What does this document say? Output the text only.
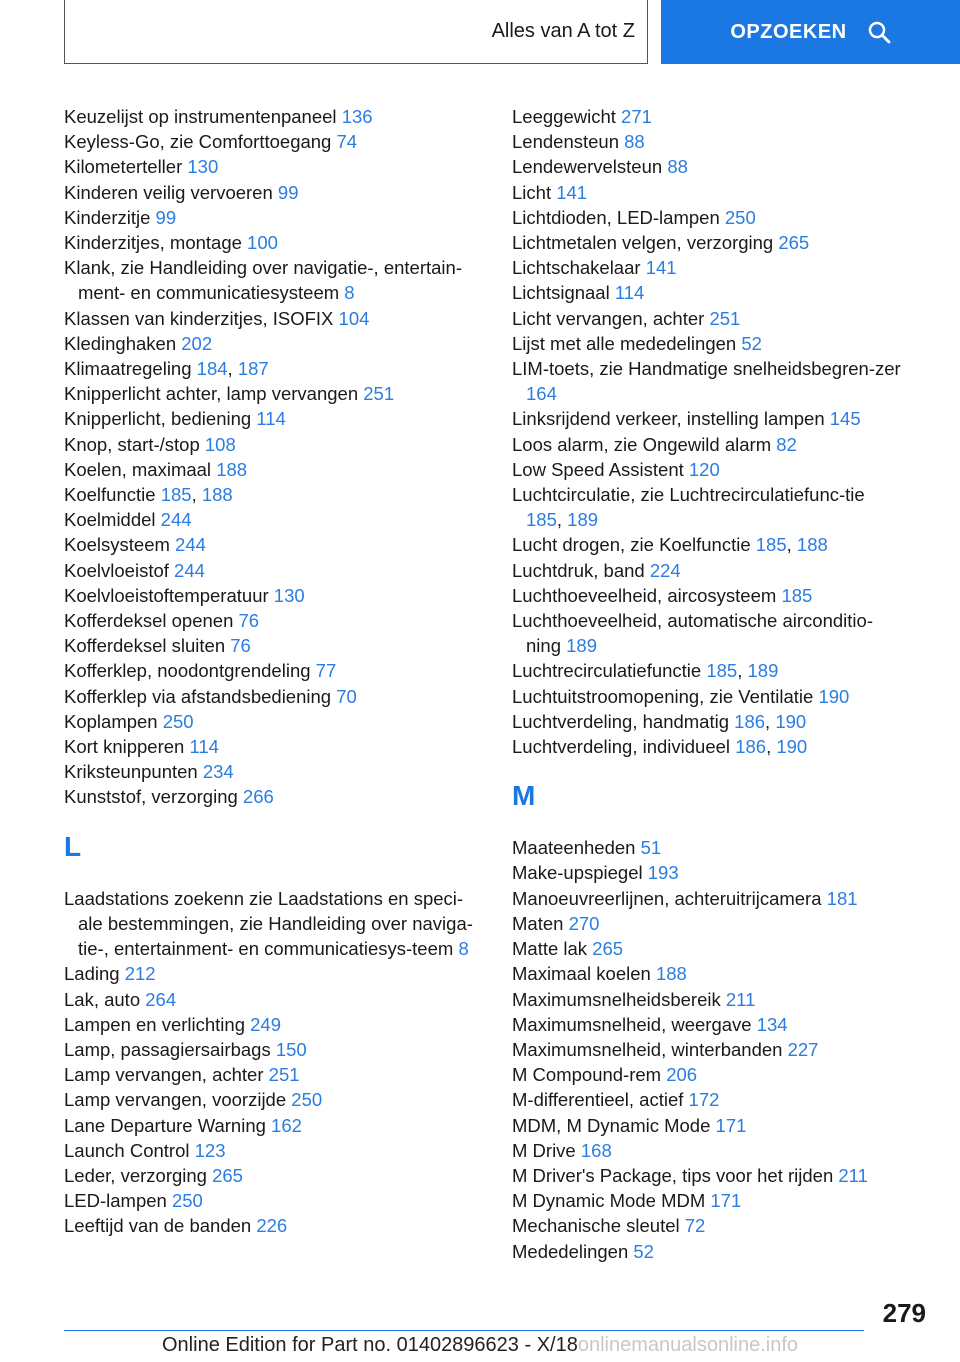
Alles van A tot Z	OPZOEKEN
Keuzelijst op instrumentenpaneel 136
Keyless-Go, zie Comforttoegang 74
Kilometerteller 130
Kinderen veilig vervoeren 99
Kinderzitje 99
Kinderzitjes, montage 100
Klank, zie Handleiding over navigatie-, entertain-ment- en communicatiesysteem 8
Klassen van kinderzitjes, ISOFIX 104
Kledinghaken 202
Klimaatregeling 184, 187
Knipperlicht achter, lamp vervangen 251
Knipperlicht, bediening 114
Knop, start-/stop 108
Koelen, maximaal 188
Koelfunctie 185, 188
Koelmiddel 244
Koelsysteem 244
Koelvloeistof 244
Koelvloeistoftemperatuur 130
Kofferdeksel openen 76
Kofferdeksel sluiten 76
Kofferklep, noodontgrendeling 77
Kofferklep via afstandsbediening 70
Koplampen 250
Kort knipperen 114
Kriksteunpunten 234
Kunststof, verzorging 266
L
Laadstations zoekenn zie Laadstations en speci-ale bestemmingen, zie Handleiding over naviga-tie-, entertainment- en communicatiesys-teem 8
Lading 212
Lak, auto 264
Lampen en verlichting 249
Lamp, passagiersairbags 150
Lamp vervangen, achter 251
Lamp vervangen, voorzijde 250
Lane Departure Warning 162
Launch Control 123
Leder, verzorging 265
LED-lampen 250
Leeftijd van de banden 226
Leeggewicht 271
Lendensteun 88
Lendewervelsteun 88
Licht 141
Lichtdioden, LED-lampen 250
Lichtmetalen velgen, verzorging 265
Lichtschakelaar 141
Lichtsignaal 114
Licht vervangen, achter 251
Lijst met alle mededelingen 52
LIM-toets, zie Handmatige snelheidsbegren-zer 164
Linksrijdend verkeer, instelling lampen 145
Loos alarm, zie Ongewild alarm 82
Low Speed Assistent 120
Luchtcirculatie, zie Luchtrecirculatiefunc-tie 185, 189
Lucht drogen, zie Koelfunctie 185, 188
Luchtdruk, band 224
Luchthoeveelheid, aircosysteem 185
Luchthoeveelheid, automatische airconditio-ning 189
Luchtrecirculatiefunctie 185, 189
Luchtuitstroomopening, zie Ventilatie 190
Luchtverdeling, handmatig 186, 190
Luchtverdeling, individueel 186, 190
M
Maateenheden 51
Make-upspiegel 193
Manoeuvreerlijnen, achteruitrijcamera 181
Maten 270
Matte lak 265
Maximaal koelen 188
Maximumsnelheidsbereik 211
Maximumsnelheid, weergave 134
Maximumsnelheid, winterbanden 227
M Compound-rem 206
M-differentieel, actief 172
MDM, M Dynamic Mode 171
M Drive 168
M Driver's Package, tips voor het rijden 211
M Dynamic Mode MDM 171
Mechanische sleutel 72
Mededelingen 52
279
Online Edition for Part no. 01402896623 - X/18onlinemanualsonline.info
